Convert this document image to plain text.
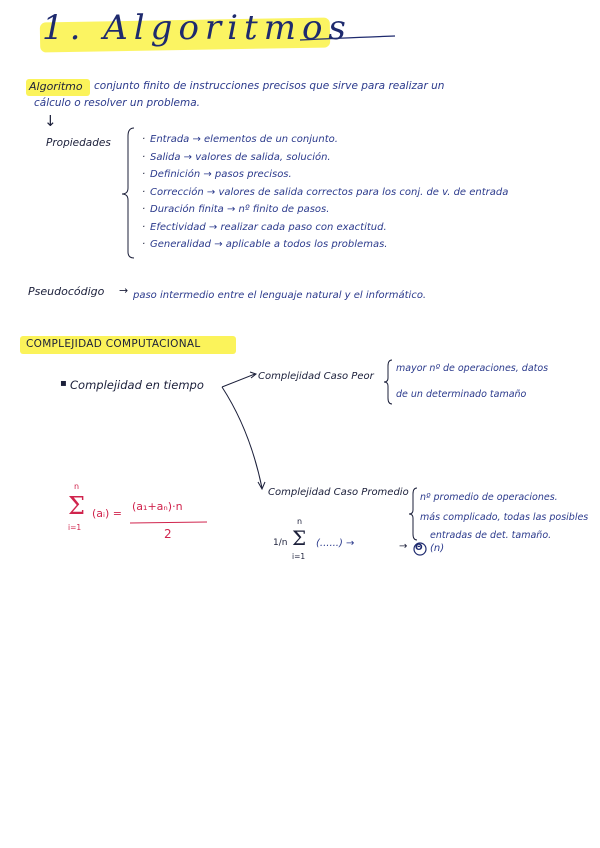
1. Algoritmos
Algoritmo conjunto finito de instrucciones precisos que sirve para realizar un
cálculo o resolver un problema.
↓
Propiedades	· Entrada → elementos de un conjunto.
· Salida → valores de salida, solución.
· Definición → pasos precisos.
· Corrección → valores de salida correctos para los conj. de v. de entrada
· Duración finita → nº finito de pasos.
· Efectividad → realizar cada paso con exactitud.
· Generalidad → aplicable a todos los problemas.
Pseudocódigo → paso intermedio entre el lenguaje natural y el informático.
COMPLEJIDAD COMPUTACIONAL
▪ Complejidad en tiempo
Complejidad Caso Peor
mayor nº de operaciones, datos
de un determinado tamaño
Complejidad Caso Promedio nº promedio de operaciones.
más complicado, todas las posibles
entradas de det. tamaño.
1/n
n
Σ
i=1
(......) →	Θ (n)
→
n
Σ
i=1
(aᵢ) =
(a₁+aₙ)·n
2
